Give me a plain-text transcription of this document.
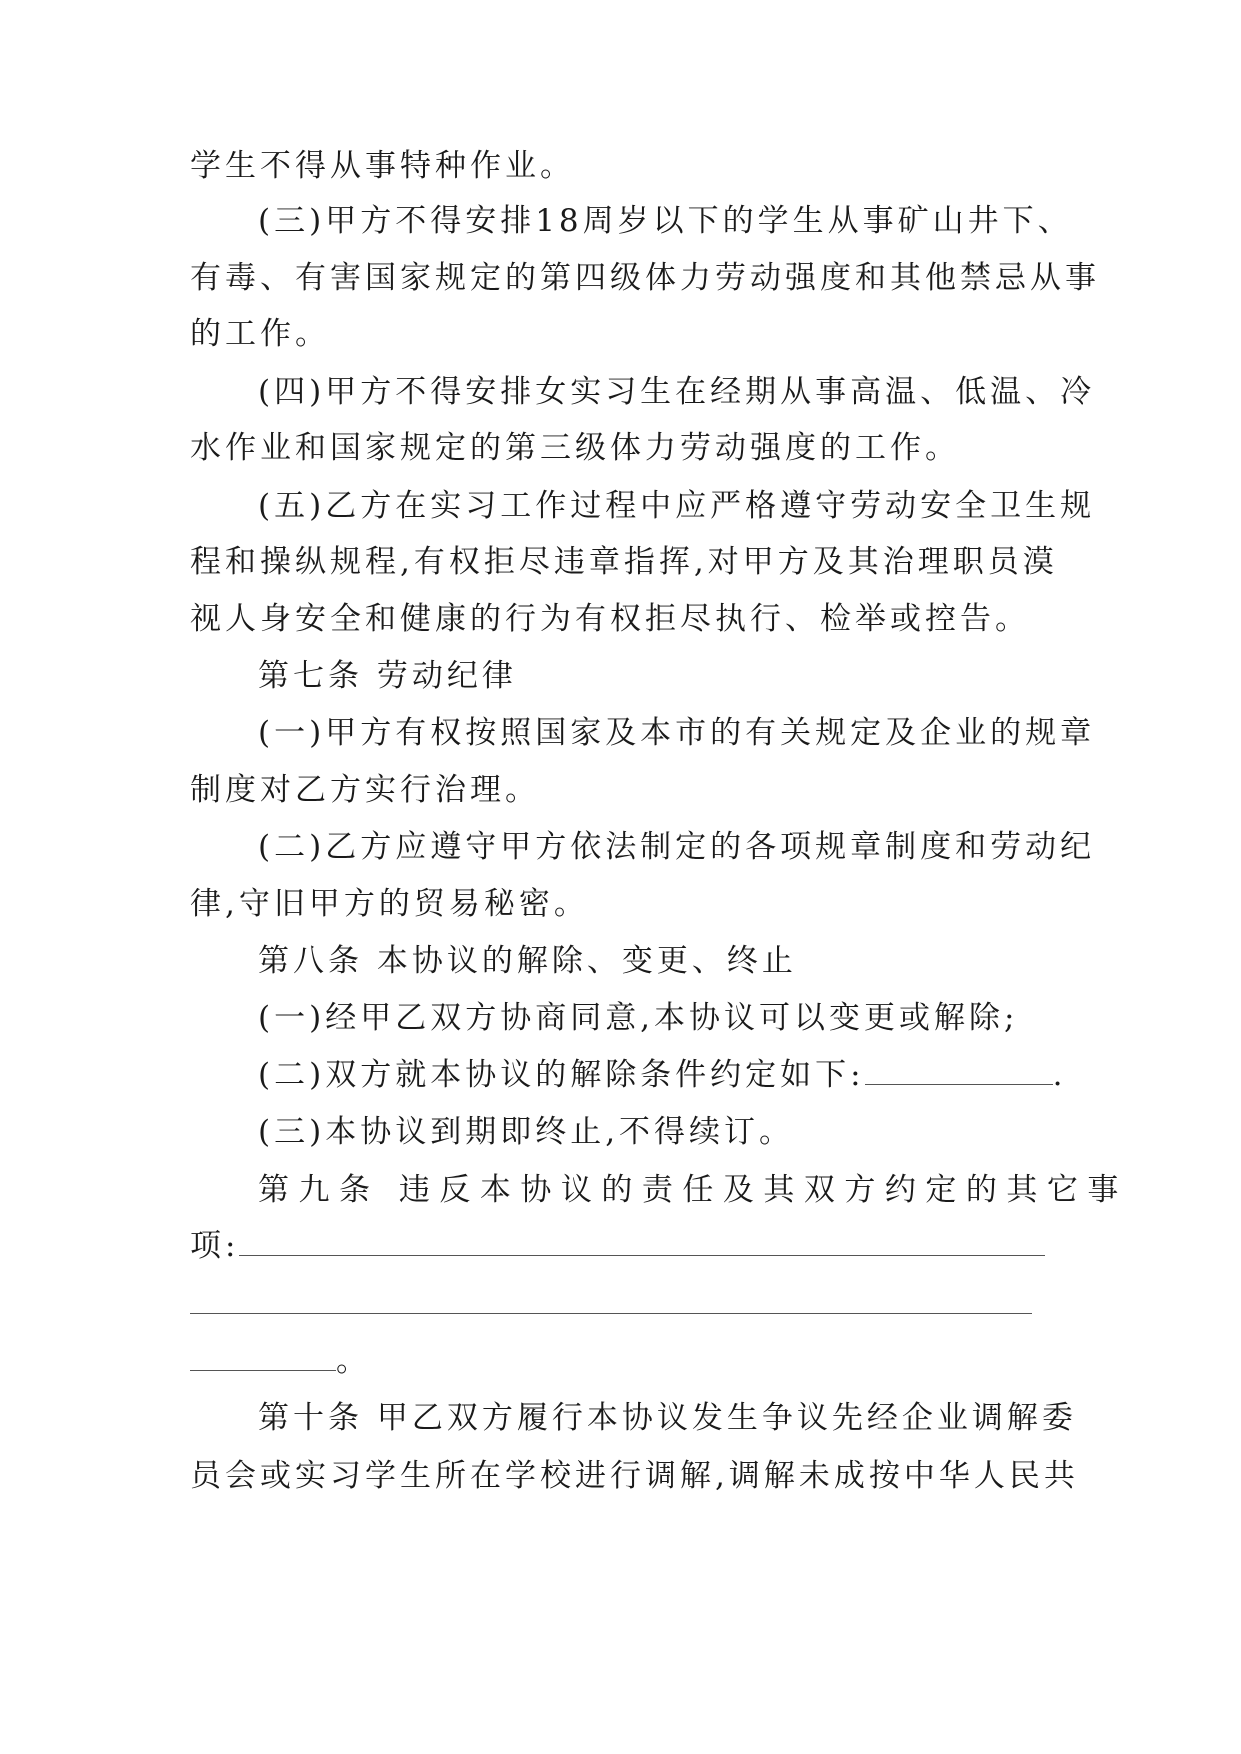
学生不得从事特种作业。
(三)甲方不得安排18周岁以下的学生从事矿山井下、
有毒、有害国家规定的第四级体力劳动强度和其他禁忌从事
的工作。
(四)甲方不得安排女实习生在经期从事高温、低温、冷
水作业和国家规定的第三级体力劳动强度的工作。
(五)乙方在实习工作过程中应严格遵守劳动安全卫生规
程和操纵规程,有权拒尽违章指挥,对甲方及其治理职员漠
视人身安全和健康的行为有权拒尽执行、检举或控告。
第七条 劳动纪律
(一)甲方有权按照国家及本市的有关规定及企业的规章
制度对乙方实行治理。
(二)乙方应遵守甲方依法制定的各项规章制度和劳动纪
律,守旧甲方的贸易秘密。
第八条 本协议的解除、变更、终止
(一)经甲乙双方协商同意,本协议可以变更或解除;
(二)双方就本协议的解除条件约定如下:	.
(三)本协议到期即终止,不得续订。
第九条 违反本协议的责任及其双方约定的其它事
项:
。
第十条 甲乙双方履行本协议发生争议先经企业调解委
员会或实习学生所在学校进行调解,调解未成按中华人民共
